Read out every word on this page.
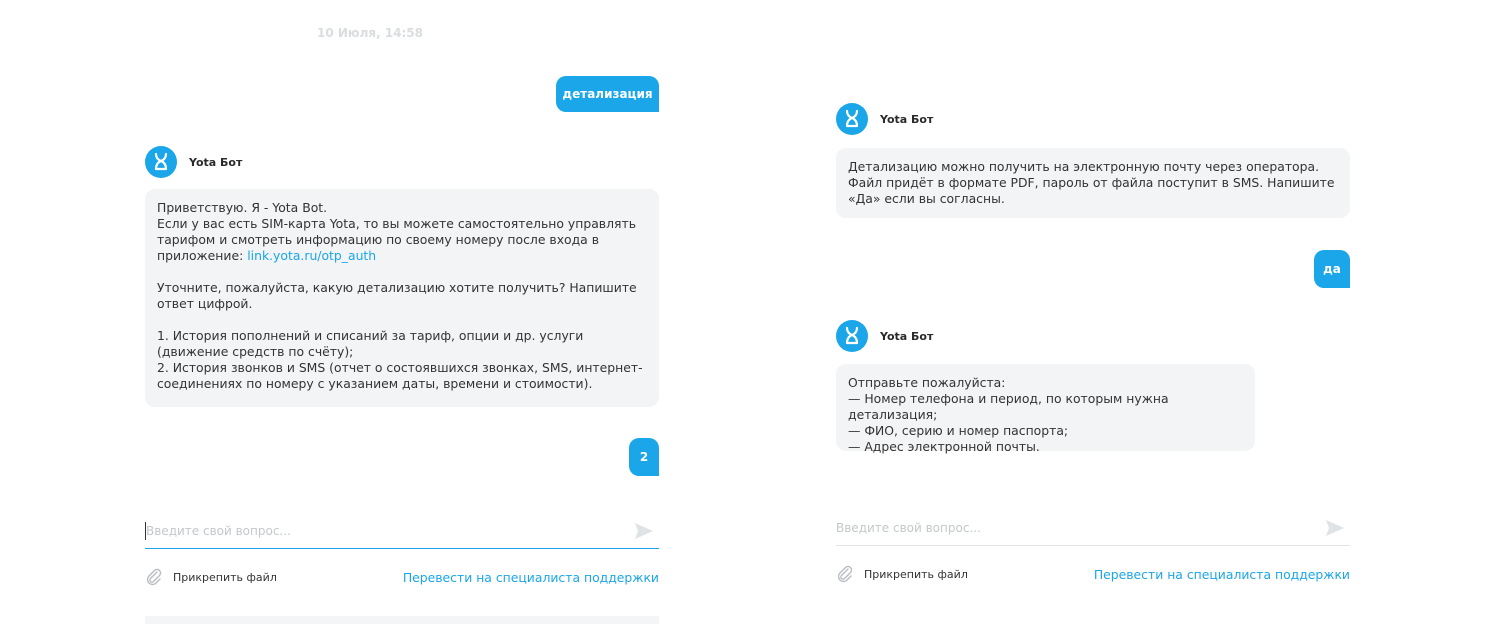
10 Июля, 14:58
детализация
Yota Бот

Приветствую. Я - Yota Bot.
Если у вас есть SIM-карта Yota, то вы можете самостоятельно управлять тарифом и смотреть информацию по своему номеру после входа в приложение: link.yota.ru/otp_auth

Уточните, пожалуйста, какую детализацию хотите получить? Напишите ответ цифрой.

1. История пополнений и списаний за тариф, опции и др. услуги (движение средств по счёту);
2. История звонков и SMS (отчет о состоявшихся звонках, SMS, интернет-соединениях по номеру с указанием даты, времени и стоимости).

2
Введите свой вопрос...
Прикрепить файл	Перевести на специалиста поддержки
Yota Бот

Детализацию можно получить на электронную почту через оператора.
Файл придёт в формате PDF, пароль от файла поступит в SMS. Напишите «Да» если вы согласны.

да
Yota Бот

Отправьте пожалуйста:
— Номер телефона и период, по которым нужна детализация;
— ФИО, серию и номер паспорта;
— Адрес электронной почты.

Введите свой вопрос...
Прикрепить файл	Перевести на специалиста поддержки
